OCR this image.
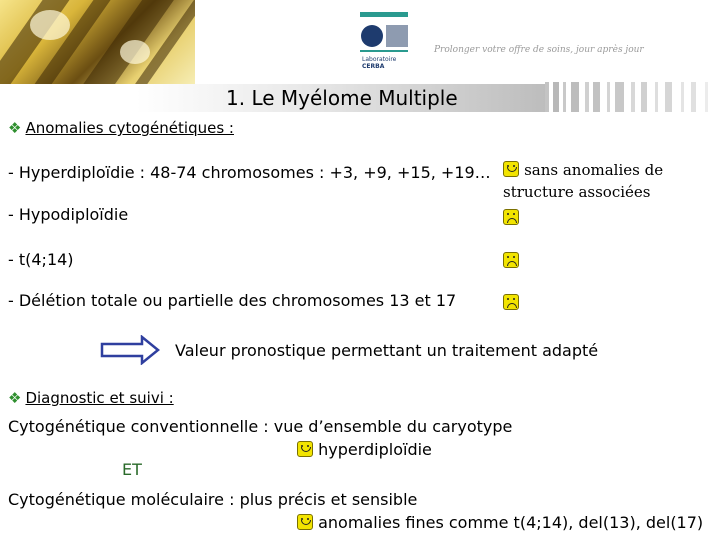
Laboratoire
CERBA
Prolonger votre offre de soins, jour après jour
1. Le Myélome Multiple
❖ Anomalies cytogénétiques :
- Hyperdiploïdie : 48-74 chromosomes : +3, +9, +15, +19…	sans anomalies de
structure associées
- Hypodiploïdie
- t(4;14)
- Délétion totale ou partielle des chromosomes 13 et 17
Valeur pronostique permettant un traitement adapté
❖ Diagnostic et suivi :
Cytogénétique conventionnelle : vue d’ensemble du caryotype
hyperdiploïdie
ET
Cytogénétique moléculaire : plus précis et sensible
anomalies fines comme t(4;14), del(13), del(17)
